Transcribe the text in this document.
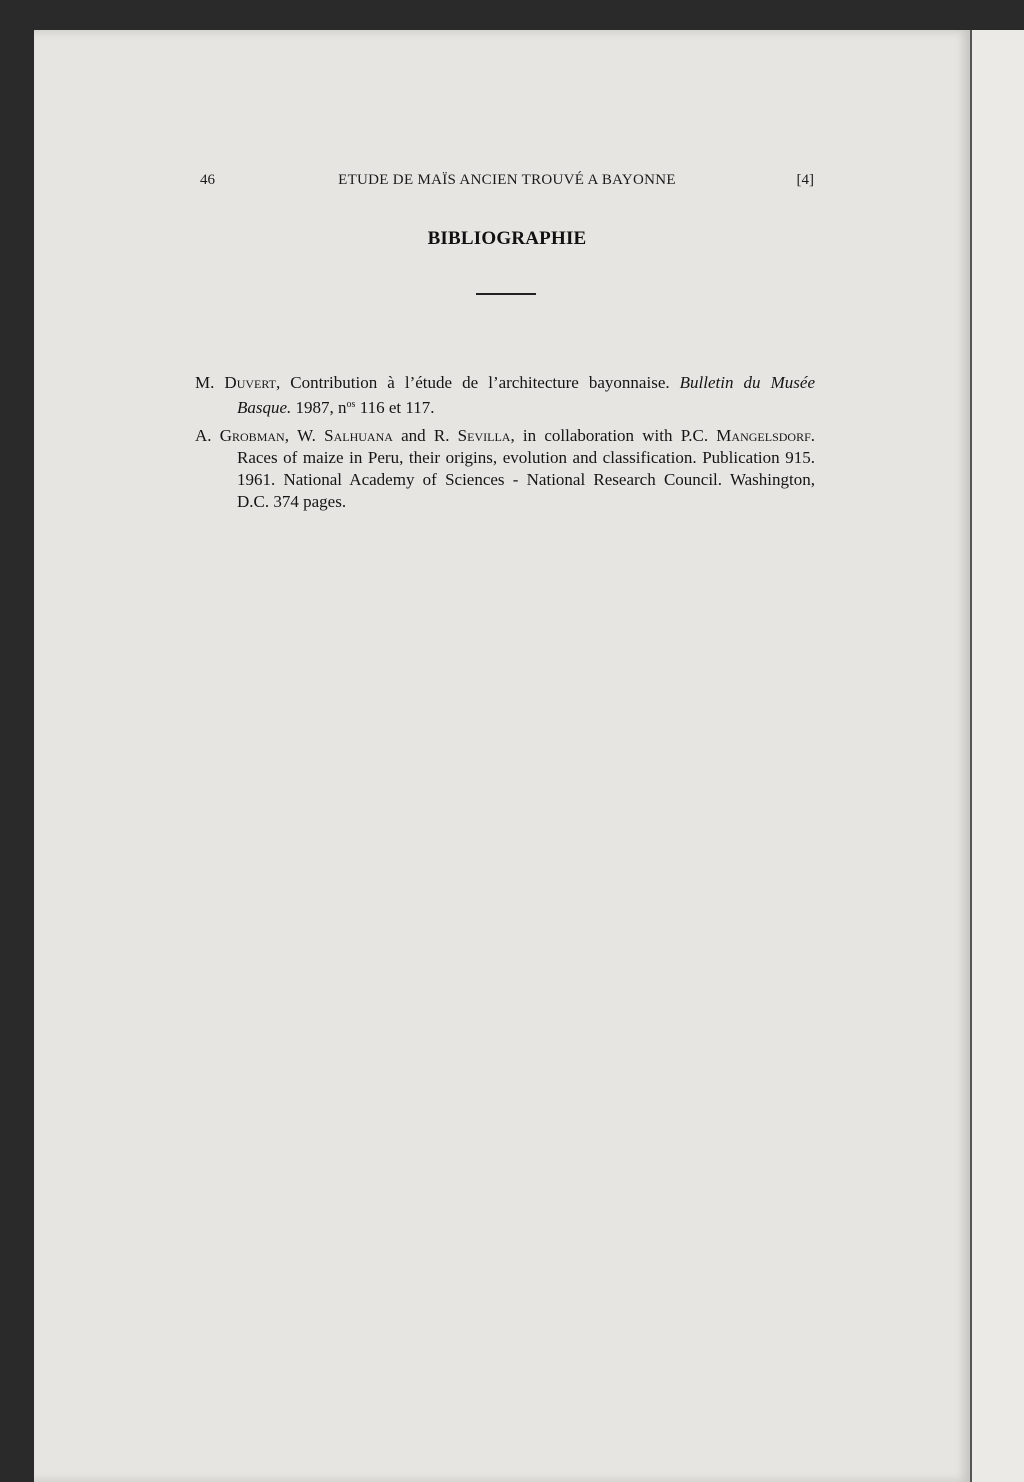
46	ETUDE DE MAÏS ANCIEN TROUVÉ A BAYONNE	[4]
BIBLIOGRAPHIE

M. Duvert, Contribution à l’étude de l’architecture bayonnaise. Bulletin du Musée Basque. 1987, $n^{os}$ 116 et 117.

A. Grobman, W. Salhuana and R. Sevilla, in collaboration with P.C. Mangelsdorf. Races of maize in Peru, their origins, evolution and classification. Publication 915. 1961. National Academy of Sciences - National Research Council. Washington, D.C. 374 pages.
